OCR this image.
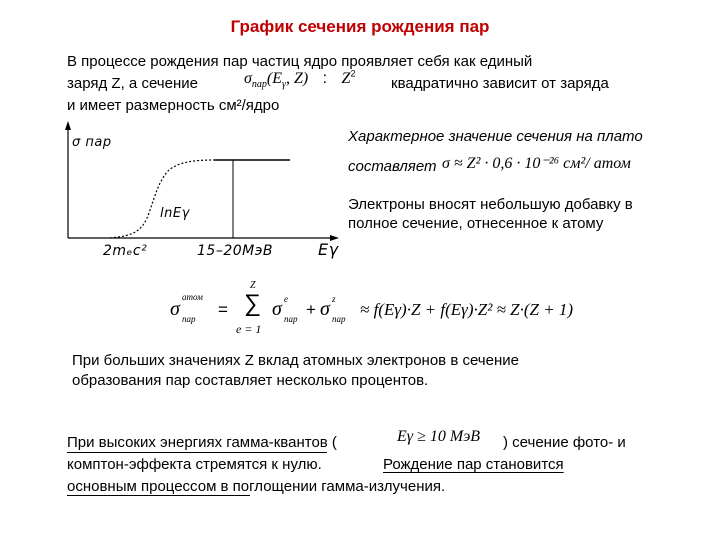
График сечения рождения пар
В процессе рождения пар частиц ядро проявляет себя как единый
заряд Z, а сечение	$\sigma_{пар}(E_\gamma$, Z) : $Z^2$
квадратично зависит от заряда
и имеет размерность см²/ядро
σ пар
lnEγ
2mₑc²	15–20МэВ	Eγ
Характерное значение сечения на плато
составляет σ ≈ Z² · 0,6 · 10⁻²⁶ см²/ атом
Электроны вносят небольшую добавку в
полное сечение, отнесенное к атому
σ
атом
пар =
Z
∑
e = 1
σ e
пар + σ z
пар ≈ f(Eγ)·Z + f(Eγ)·Z² ≈ Z·(Z + 1)
При больших значениях Z вклад атомных электронов в сечение
образования пар составляет несколько процентов.
При высоких энергиях гамма-квантов (	Eγ ≥ 10 МэВ ) сечение фото- и
комптон-эффекта стремятся к нулю.	Рождение пар становится
основным процессом в поглощении гамма-излучения.
